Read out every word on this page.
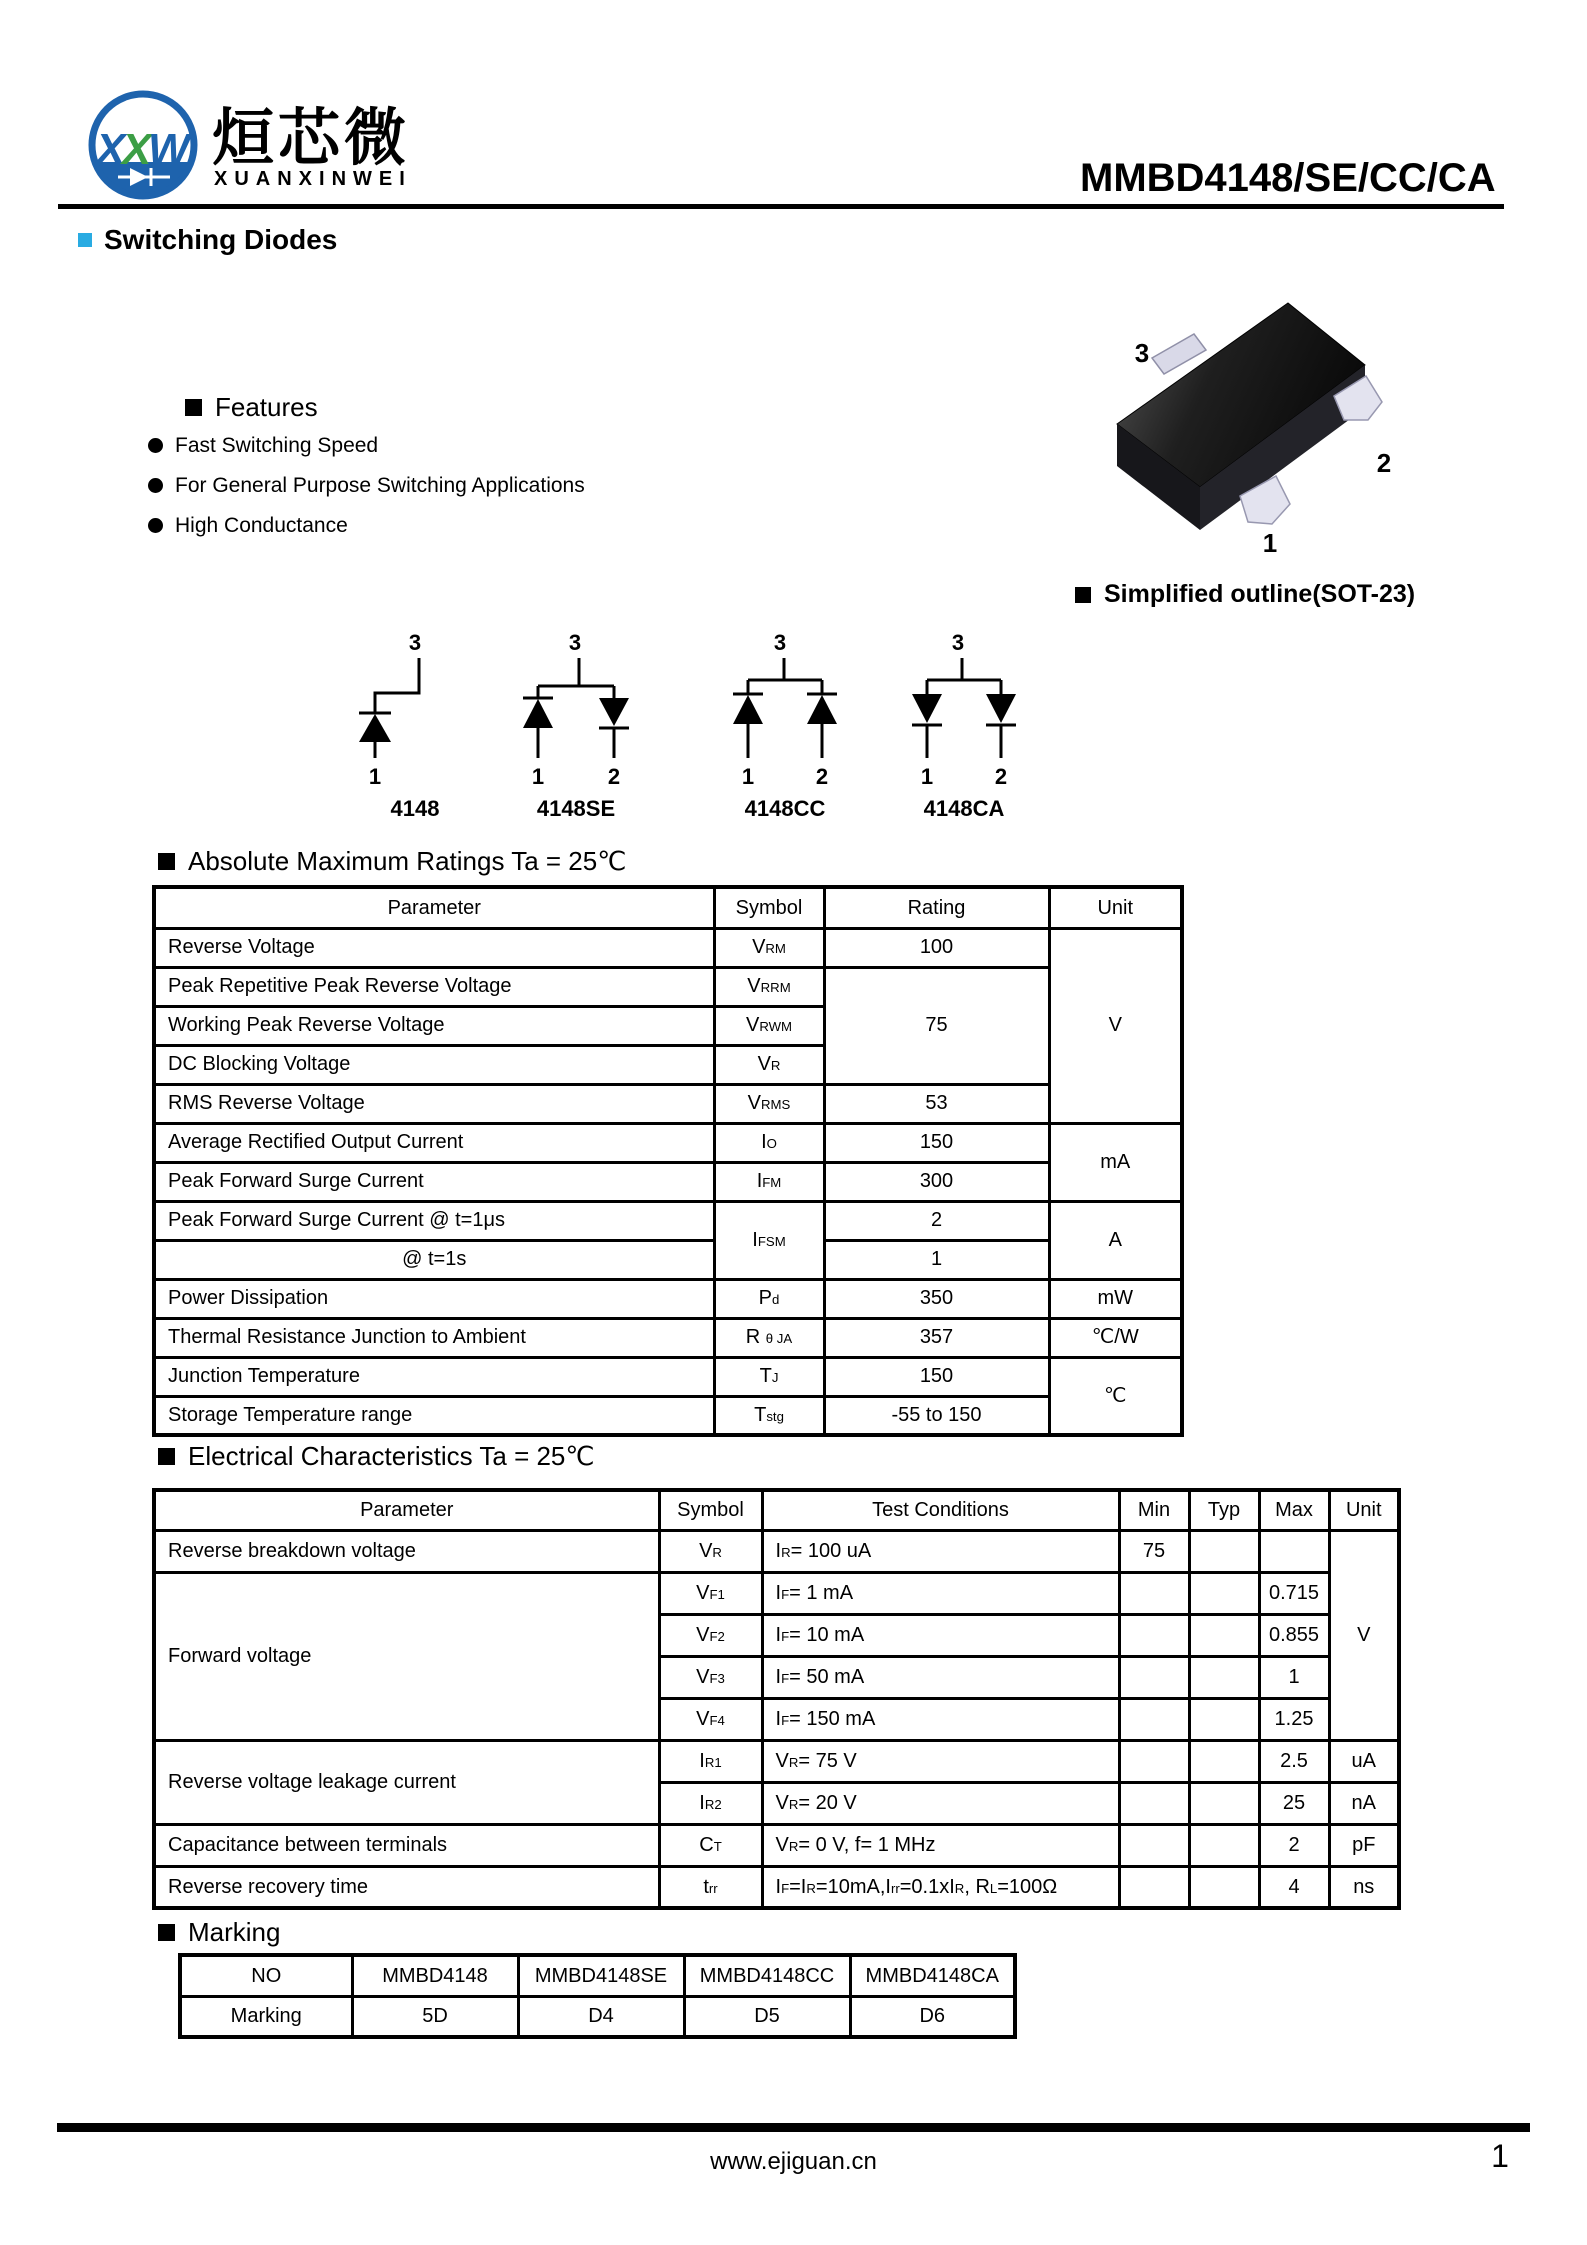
X
X
W 烜芯微
XUANXINWEI	MMBD4148/SE/CC/CA
Switching Diodes
Features
Fast Switching Speed
For General Purpose Switching Applications
High Conductance
3
2
1
Simplified outline(SOT-23)
3
1
3
1	2
3
1	2
3
1	2
4148	4148SE	4148CC	4148CA
Absolute Maximum Ratings Ta = 25℃
Parameter	Symbol	Rating	Unit
Reverse Voltage	VRM	100	V
Peak Repetitive Peak Reverse Voltage	VRRM	75	
Working Peak Reverse Voltage	VRWM		
DC Blocking Voltage	VR		
RMS Reverse Voltage	VRMS	53	
Average Rectified Output Current	IO	150	mA
Peak Forward Surge Current	IFM	300	
Peak Forward Surge Current @ t=1μs	IFSM	2	A
@ t=1s		1	
Power Dissipation	Pd	350	mW
Thermal Resistance Junction to Ambient	R θ JA	357	℃/W
Junction Temperature	TJ	150	℃
Storage Temperature range	Tstg	-55 to 150	
Electrical Characteristics Ta = 25℃
Parameter	Symbol	Test Conditions	Min	Typ	Max	Unit
Reverse breakdown voltage	VR	IR= 100 uA	75			V
Forward voltage	VF1	IF= 1 mA			0.715	
	VF2	IF= 10 mA			0.855	
	VF3	IF= 50 mA			1	
	VF4	IF= 150 mA			1.25	
Reverse voltage leakage current	IR1	VR= 75 V			2.5	uA
	IR2	VR= 20 V			25	nA
Capacitance between terminals	CT	VR= 0 V, f= 1 MHz			2	pF
Reverse recovery time	trr	IF=IR=10mA,Irr=0.1xIR, RL=100Ω			4	ns
Marking
NO	MMBD4148	MMBD4148SE	MMBD4148CC	MMBD4148CA
Marking	5D	D4	D5	D6
www.ejiguan.cn	1
